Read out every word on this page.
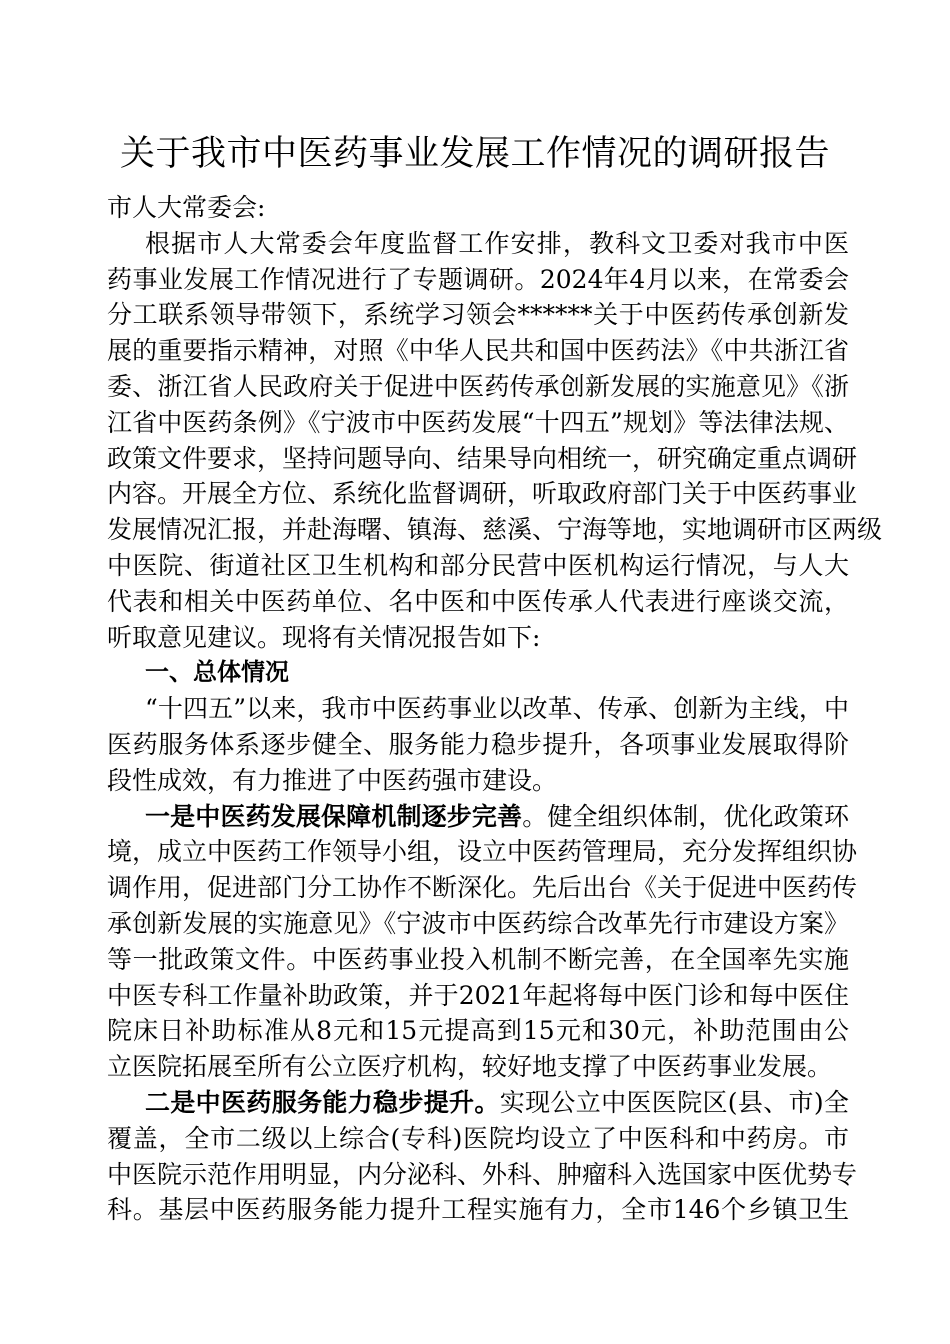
关于我市中医药事业发展工作情况的调研报告
市人大常委会:
根据市人大常委会年度监督工作安排，教科文卫委对我市中医
药事业发展工作情况进行了专题调研。2024年4月以来，在常委会
分工联系领导带领下，系统学习领会******关于中医药传承创新发
展的重要指示精神，对照《中华人民共和国中医药法》《中共浙江省
委、浙江省人民政府关于促进中医药传承创新发展的实施意见》《浙
江省中医药条例》《宁波市中医药发展“十四五”规划》等法律法规、
政策文件要求，坚持问题导向、结果导向相统一，研究确定重点调研
内容。开展全方位、系统化监督调研，听取政府部门关于中医药事业
发展情况汇报，并赴海曙、镇海、慈溪、宁海等地，实地调研市区两级
中医院、街道社区卫生机构和部分民营中医机构运行情况，与人大
代表和相关中医药单位、名中医和中医传承人代表进行座谈交流，
听取意见建议。现将有关情况报告如下:
一、总体情况
“十四五”以来，我市中医药事业以改革、传承、创新为主线，中
医药服务体系逐步健全、服务能力稳步提升，各项事业发展取得阶
段性成效，有力推进了中医药强市建设。
一是中医药发展保障机制逐步完善。健全组织体制，优化政策环
境，成立中医药工作领导小组，设立中医药管理局，充分发挥组织协
调作用，促进部门分工协作不断深化。先后出台《关于促进中医药传
承创新发展的实施意见》《宁波市中医药综合改革先行市建设方案》
等一批政策文件。中医药事业投入机制不断完善，在全国率先实施
中医专科工作量补助政策，并于2021年起将每中医门诊和每中医住
院床日补助标准从8元和15元提高到15元和30元，补助范围由公
立医院拓展至所有公立医疗机构，较好地支撑了中医药事业发展。
二是中医药服务能力稳步提升。实现公立中医医院区(县、市)全
覆盖，全市二级以上综合(专科)医院均设立了中医科和中药房。市
中医院示范作用明显，内分泌科、外科、肿瘤科入选国家中医优势专
科。基层中医药服务能力提升工程实施有力，全市146个乡镇卫生
